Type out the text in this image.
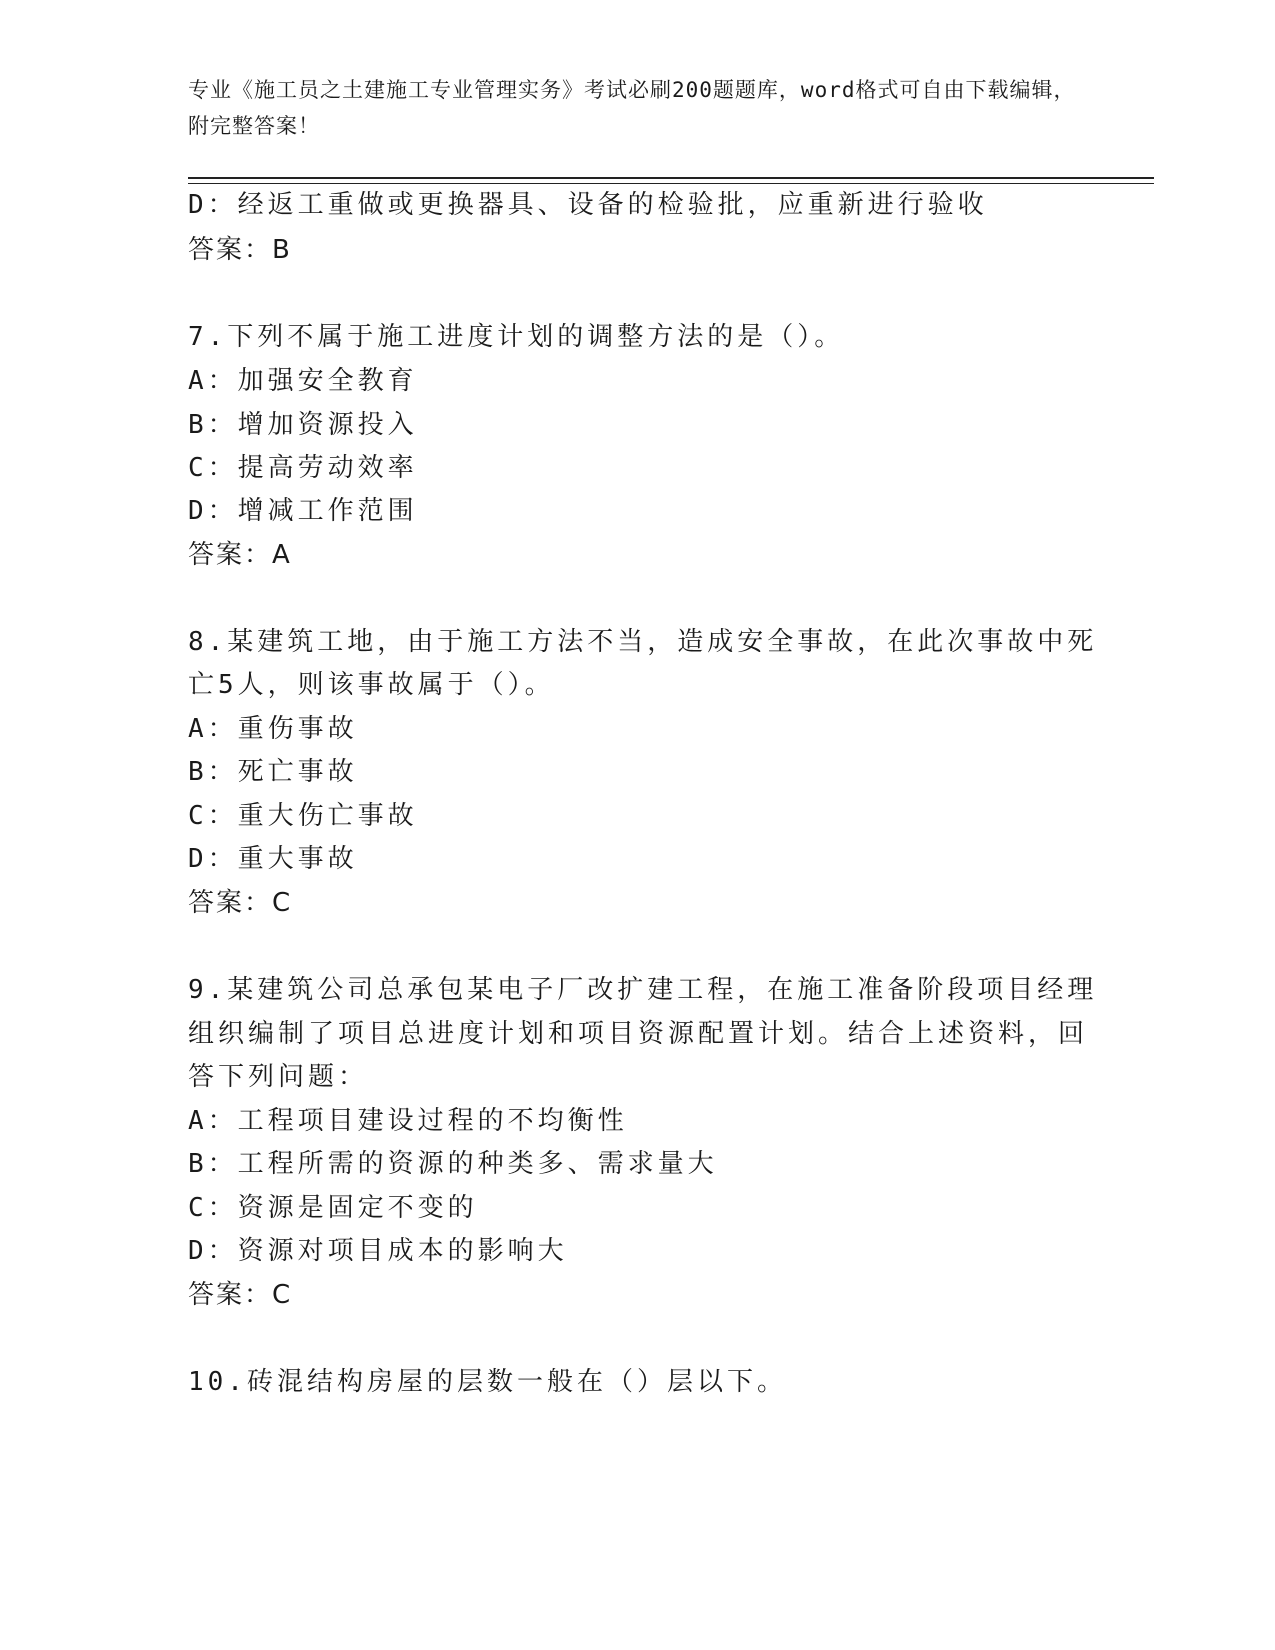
专业《施工员之土建施工专业管理实务》考试必刷200题题库，word格式可自由下载编辑，附完整答案！
D：经返工重做或更换器具、设备的检验批，应重新进行验收
答案：B
7.下列不属于施工进度计划的调整方法的是（）。
A：加强安全教育
B：增加资源投入
C：提高劳动效率
D：增减工作范围
答案：A
8.某建筑工地，由于施工方法不当，造成安全事故，在此次事故中死
亡5人，则该事故属于（）。
A：重伤事故
B：死亡事故
C：重大伤亡事故
D：重大事故
答案：C
9.某建筑公司总承包某电子厂改扩建工程，在施工准备阶段项目经理
组织编制了项目总进度计划和项目资源配置计划。结合上述资料，回
答下列问题：
A：工程项目建设过程的不均衡性
B：工程所需的资源的种类多、需求量大
C：资源是固定不变的
D：资源对项目成本的影响大
答案：C
10.砖混结构房屋的层数一般在（）层以下。
